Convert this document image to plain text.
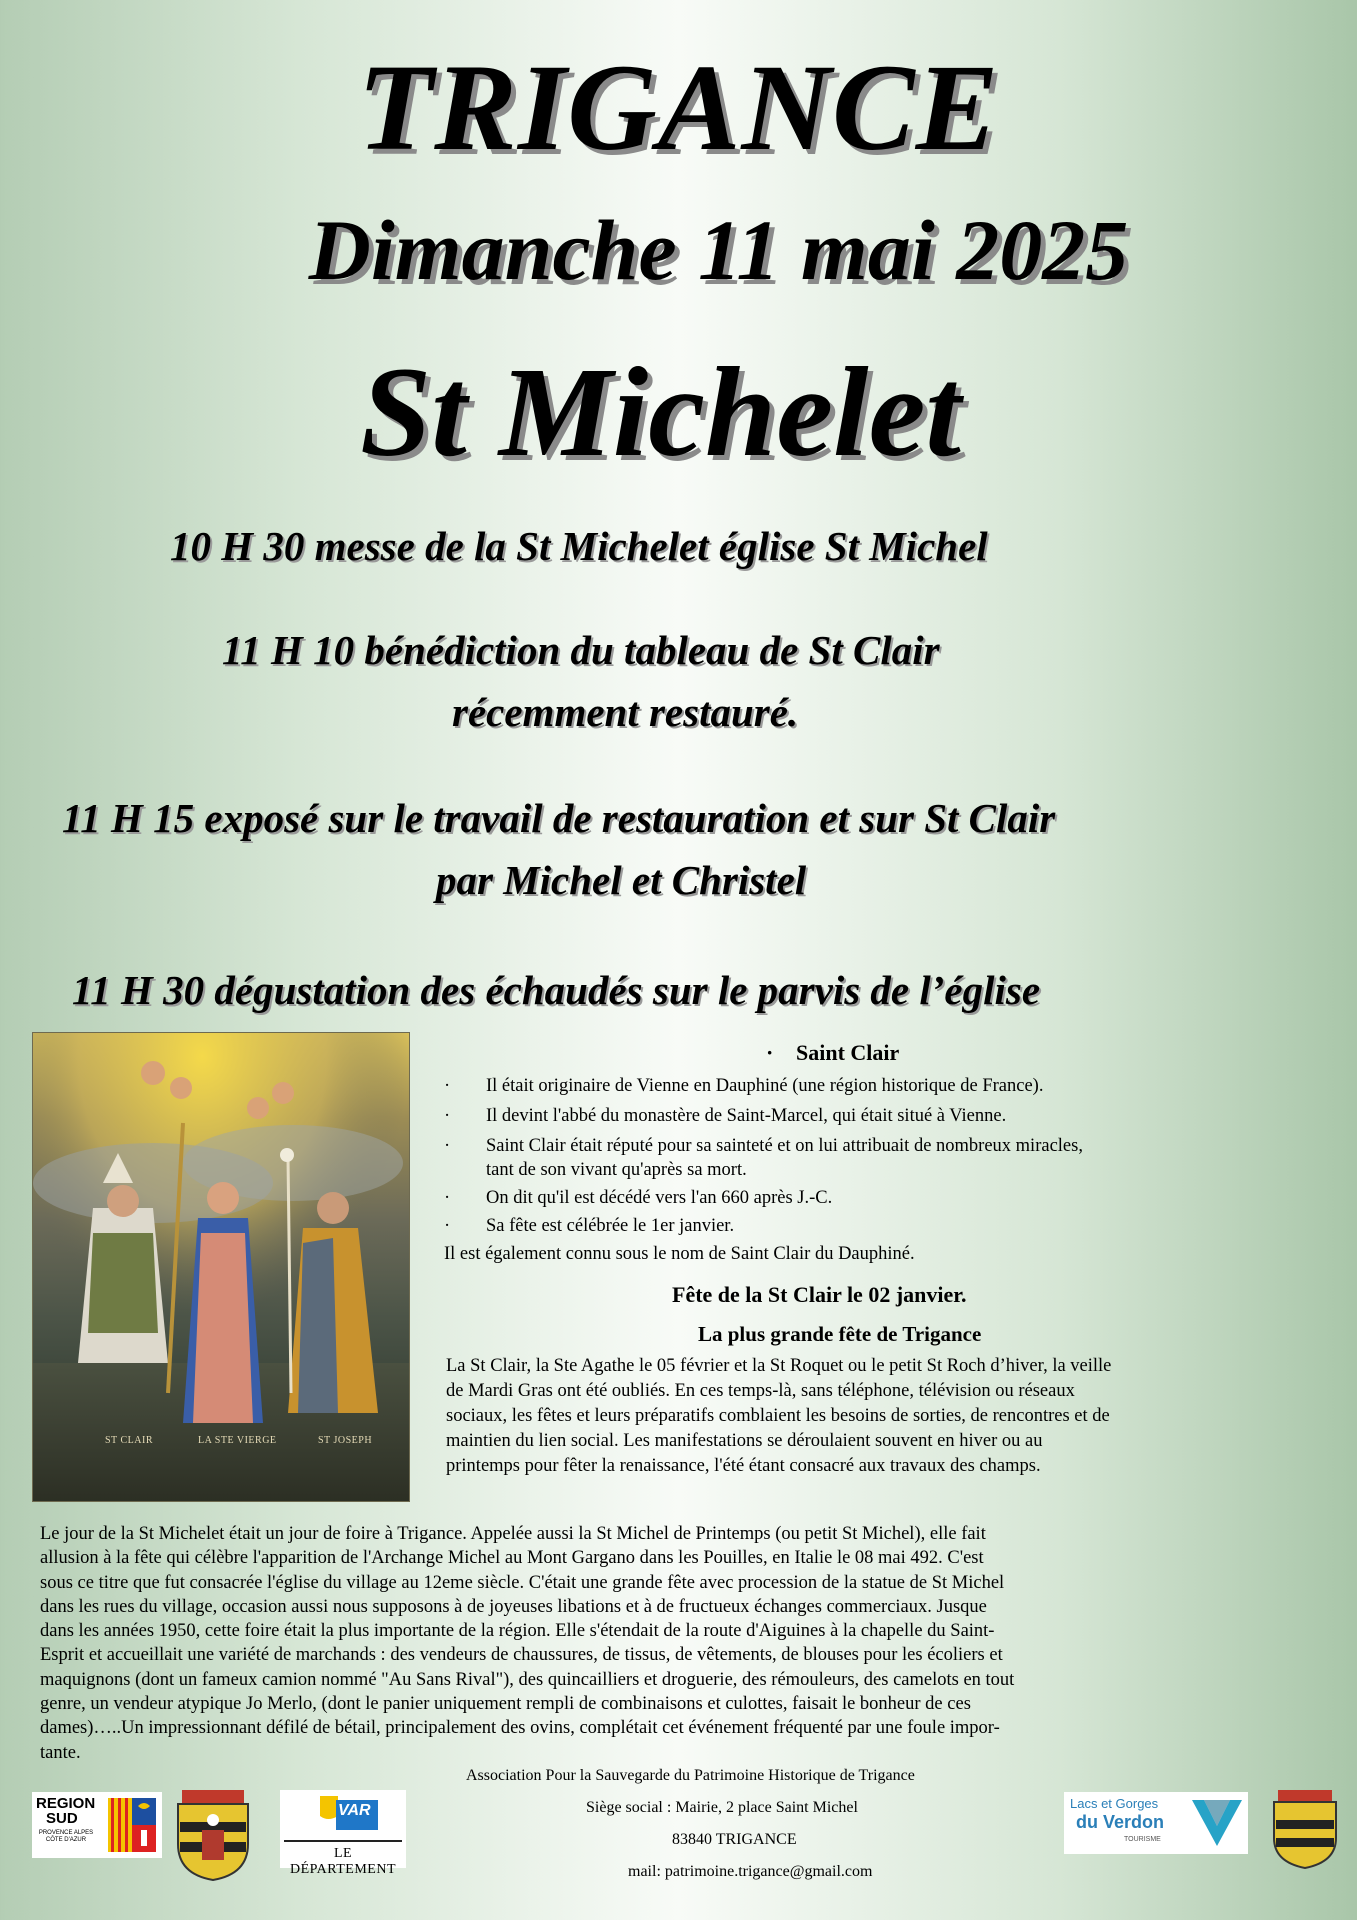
TRIGANCE
Dimanche 11 mai 2025
St Michelet
10 H 30 messe de la St Michelet église St Michel
11 H 10 bénédiction du tableau de St Clair
récemment restauré.
11 H 15 exposé sur le travail de restauration et sur St Clair
par Michel et Christel
11 H 30 dégustation des échaudés sur le parvis de l’église
ST CLAIR	LA STE VIERGE	ST JOSEPH
· Saint Clair
· Il était originaire de Vienne en Dauphiné (une région historique de France).
· Il devint l'abbé du monastère de Saint-Marcel, qui était situé à Vienne.
· Saint Clair était réputé pour sa sainteté et on lui attribuait de nombreux miracles,
tant de son vivant qu'après sa mort.
· On dit qu'il est décédé vers l'an 660 après J.-C.
· Sa fête est célébrée le 1er janvier.
Il est également connu sous le nom de Saint Clair du Dauphiné.
Fête de la St Clair le 02 janvier.
La plus grande fête de Trigance
La St Clair, la Ste Agathe le 05 février et la St Roquet ou le petit St Roch d’hiver, la veille
de Mardi Gras ont été oubliés. En ces temps-là, sans téléphone, télévision ou réseaux
sociaux, les fêtes et leurs préparatifs comblaient les besoins de sorties, de rencontres et de
maintien du lien social. Les manifestations se déroulaient souvent en hiver ou au
printemps pour fêter la renaissance, l'été étant consacré aux travaux des champs.
Le jour de la St Michelet était un jour de foire à Trigance. Appelée aussi la St Michel de Printemps (ou petit St Michel), elle fait
allusion à la fête qui célèbre l'apparition de l'Archange Michel au Mont Gargano dans les Pouilles, en Italie le 08 mai 492. C'est
sous ce titre que fut consacrée l'église du village au 12eme siècle. C'était une grande fête avec procession de la statue de St Michel
dans les rues du village, occasion aussi nous supposons à de joyeuses libations et à de fructueux échanges commerciaux. Jusque
dans les années 1950, cette foire était la plus importante de la région. Elle s'étendait de la route d'Aiguines à la chapelle du Saint-
Esprit et accueillait une variété de marchands : des vendeurs de chaussures, de tissus, de vêtements, de blouses pour les écoliers et
maquignons (dont un fameux camion nommé "Au Sans Rival"), des quincailliers et droguerie, des rémouleurs, des camelots en tout
genre, un vendeur atypique Jo Merlo, (dont le panier uniquement rempli de combinaisons et culottes, faisait le bonheur de ces
dames)…..Un impressionnant défilé de bétail, principalement des ovins, complétait cet événement fréquenté par une foule impor-
tante.
Association Pour la Sauvegarde du Patrimoine Historique de Trigance
Siège social : Mairie, 2 place Saint Michel
83840 TRIGANCE
mail: patrimoine.trigance@gmail.com
REGION
SUD
PROVENCE ALPES CÔTE D'AZUR
VAR
LE DÉPARTEMENT
Lacs et Gorges
du Verdon
TOURISME
